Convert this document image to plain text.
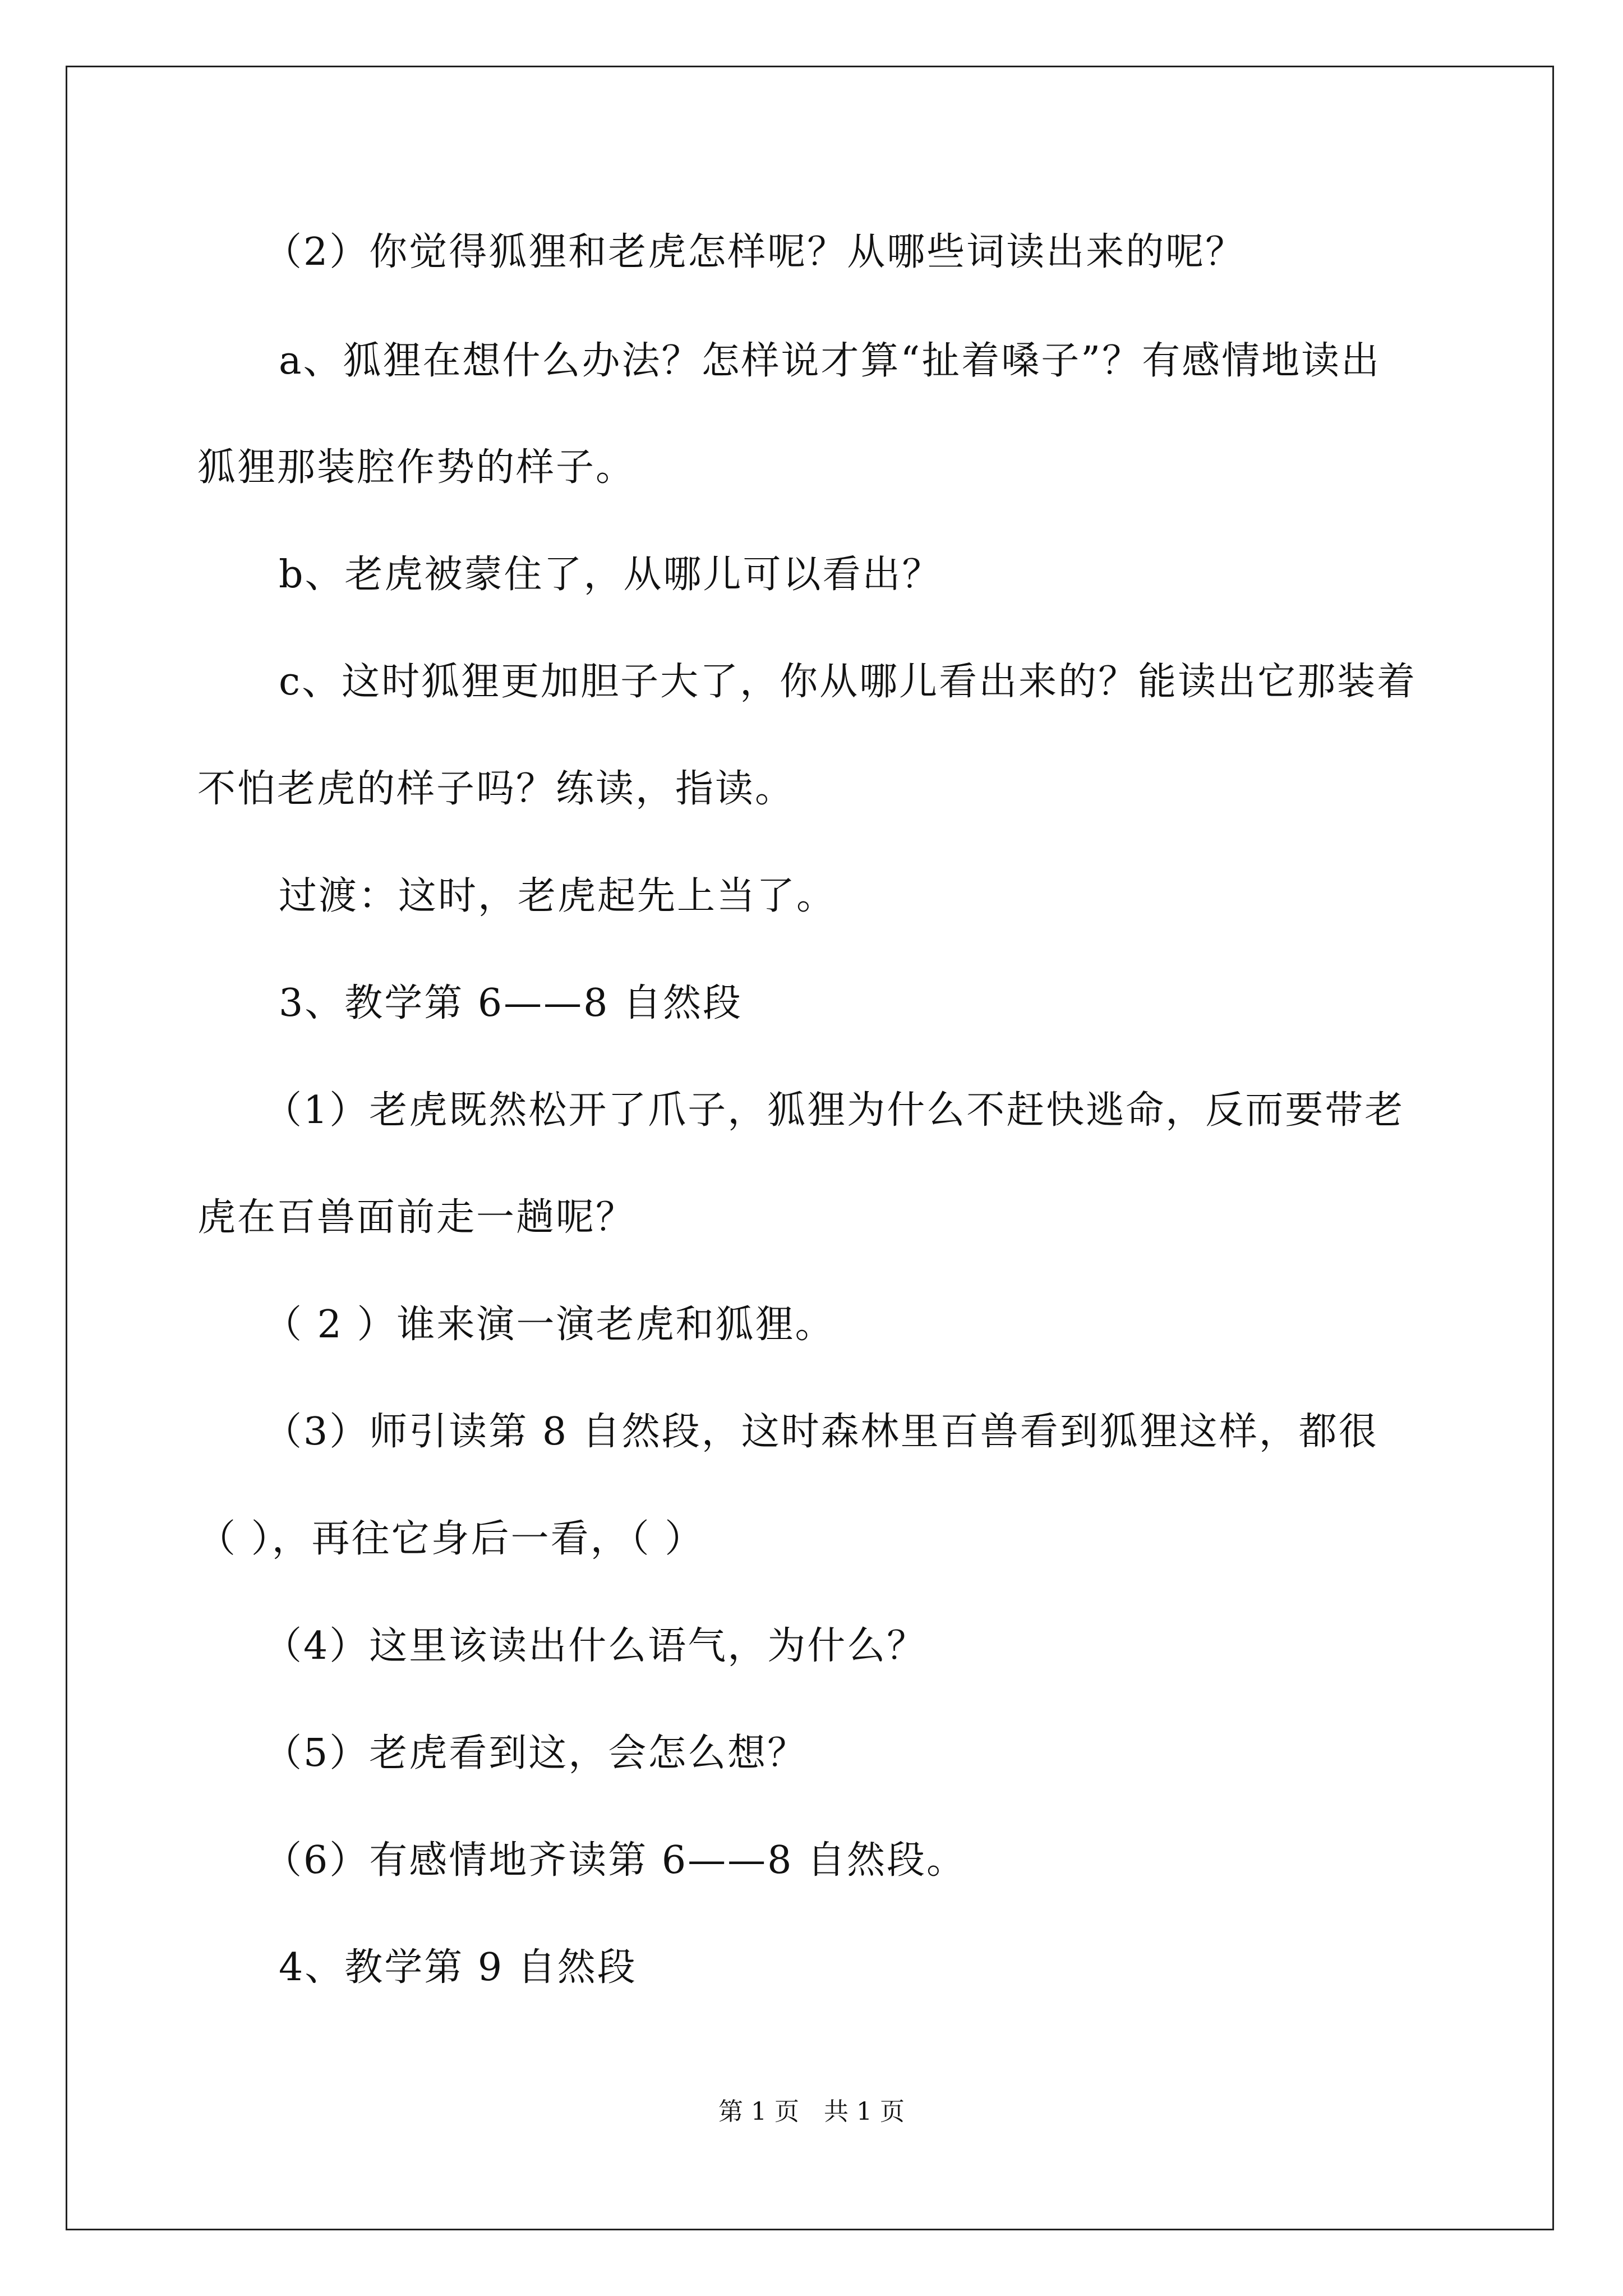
（2）你觉得狐狸和老虎怎样呢？从哪些词读出来的呢？
a、狐狸在想什么办法？怎样说才算“扯着嗓子”？有感情地读出
狐狸那装腔作势的样子。
b、老虎被蒙住了，从哪儿可以看出？
c、这时狐狸更加胆子大了，你从哪儿看出来的？能读出它那装着
不怕老虎的样子吗？练读，指读。
过渡：这时，老虎起先上当了。
3、教学第 6——8 自然段
（1）老虎既然松开了爪子，狐狸为什么不赶快逃命，反而要带老
虎在百兽面前走一趟呢？
（ 2 ）谁来演一演老虎和狐狸。
（3）师引读第 8 自然段，这时森林里百兽看到狐狸这样，都很
（ ），再往它身后一看，（ ）
（4）这里该读出什么语气，为什么？
（5）老虎看到这，会怎么想？
（6）有感情地齐读第 6——8 自然段。
4、教学第 9 自然段
第 1 页　共 1 页
